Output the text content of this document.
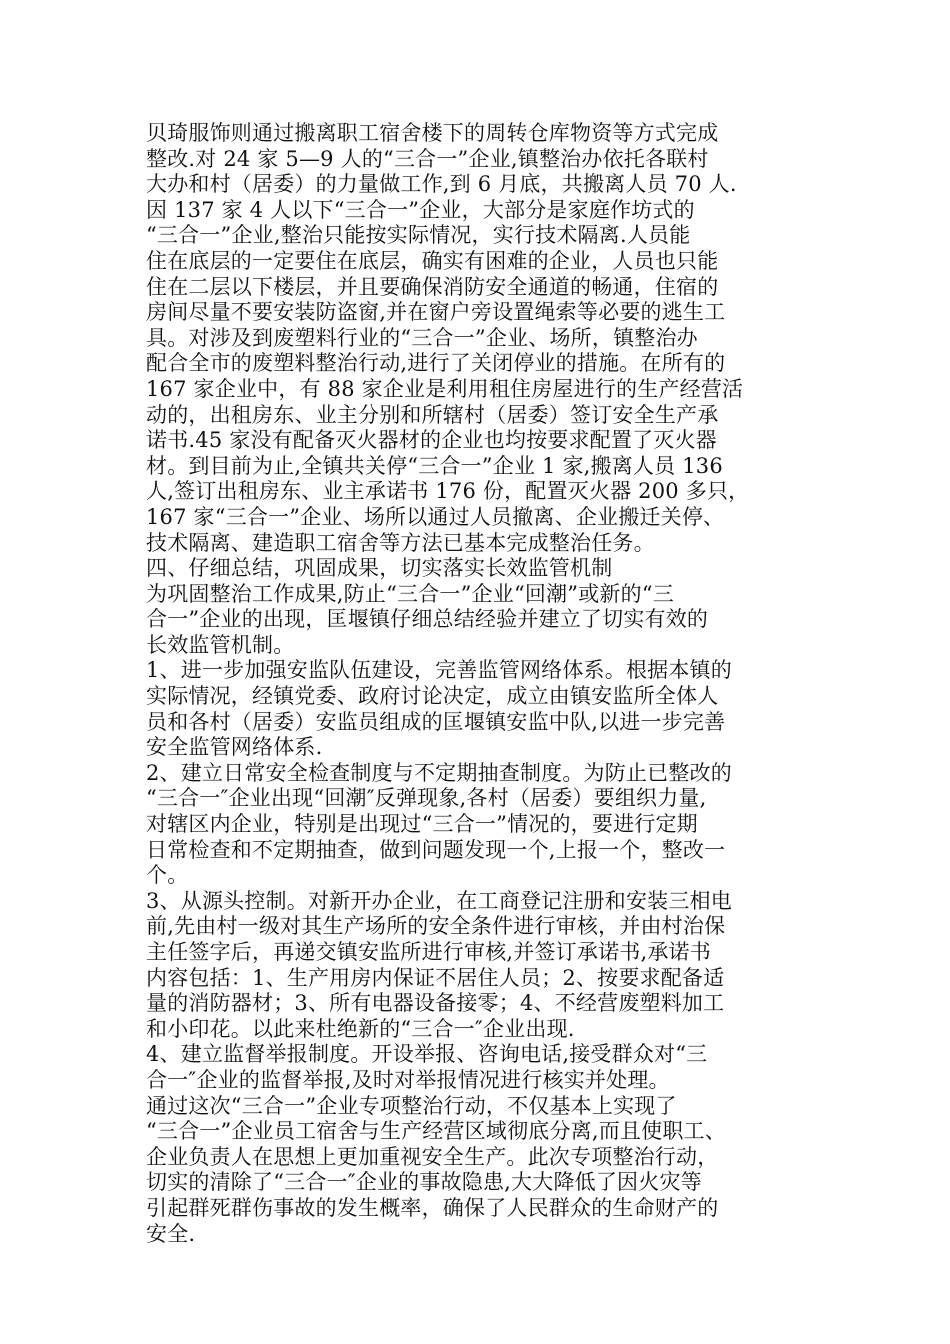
贝琦服饰则通过搬离职工宿舍楼下的周转仓库物资等方式完成
整改.对 24 家 5—9 人的“三合一”企业,镇整治办依托各联村
大办和村（居委）的力量做工作,到 6 月底，共搬离人员 70 人.
因 137 家 4 人以下“三合一”企业，大部分是家庭作坊式的
“三合一”企业,整治只能按实际情况，实行技术隔离.人员能
住在底层的一定要住在底层，确实有困难的企业，人员也只能
住在二层以下楼层，并且要确保消防安全通道的畅通，住宿的
房间尽量不要安装防盗窗,并在窗户旁设置绳索等必要的逃生工
具。对涉及到废塑料行业的“三合一”企业、场所，镇整治办
配合全市的废塑料整治行动,进行了关闭停业的措施。在所有的
167 家企业中，有 88 家企业是利用租住房屋进行的生产经营活
动的，出租房东、业主分别和所辖村（居委）签订安全生产承
诺书.45 家没有配备灭火器材的企业也均按要求配置了灭火器
材。到目前为止,全镇共关停“三合一”企业 1 家,搬离人员 136
人,签订出租房东、业主承诺书 176 份，配置灭火器 200 多只，
167 家“三合一”企业、场所以通过人员撤离、企业搬迁关停、
技术隔离、建造职工宿舍等方法已基本完成整治任务。
四、仔细总结，巩固成果，切实落实长效监管机制
为巩固整治工作成果,防止“三合一”企业“回潮”或新的“三
合一”企业的出现，匡堰镇仔细总结经验并建立了切实有效的
长效监管机制。
1、进一步加强安监队伍建设，完善监管网络体系。根据本镇的
实际情况，经镇党委、政府讨论决定，成立由镇安监所全体人
员和各村（居委）安监员组成的匡堰镇安监中队,以进一步完善
安全监管网络体系.
2、建立日常安全检查制度与不定期抽查制度。为防止已整改的
“三合一″企业出现“回潮″反弹现象,各村（居委）要组织力量,
对辖区内企业，特别是出现过“三合一”情况的，要进行定期
日常检查和不定期抽查，做到问题发现一个,上报一个，整改一
个。
3、从源头控制。对新开办企业，在工商登记注册和安装三相电
前,先由村一级对其生产场所的安全条件进行审核，并由村治保
主任签字后，再递交镇安监所进行审核,并签订承诺书,承诺书
内容包括：1、生产用房内保证不居住人员；2、按要求配备适
量的消防器材；3、所有电器设备接零；4、不经营废塑料加工
和小印花。以此来杜绝新的“三合一″企业出现.
4、建立监督举报制度。开设举报、咨询电话,接受群众对“三
合一″企业的监督举报,及时对举报情况进行核实并处理。
通过这次“三合一”企业专项整治行动，不仅基本上实现了
“三合一”企业员工宿舍与生产经营区域彻底分离,而且使职工、
企业负责人在思想上更加重视安全生产。此次专项整治行动，
切实的清除了“三合一″企业的事故隐患,大大降低了因火灾等
引起群死群伤事故的发生概率，确保了人民群众的生命财产的
安全.
